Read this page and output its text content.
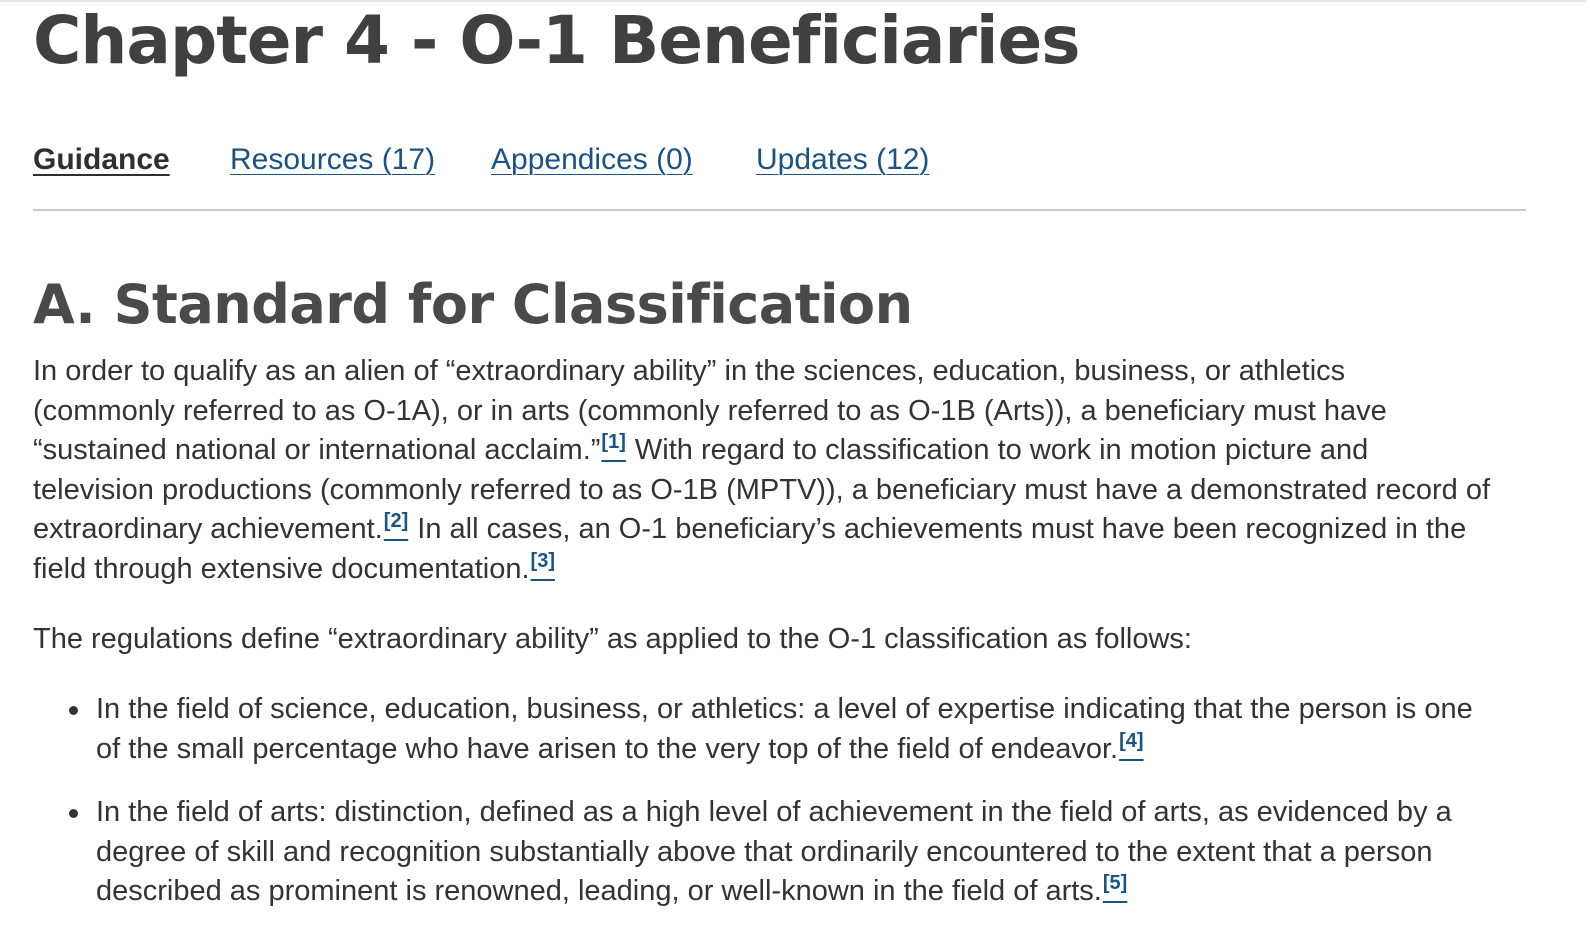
Chapter 4 - O-1 Beneficiaries
Guidance Resources (17) Appendices (0) Updates (12)
A. Standard for Classification

In order to qualify as an alien of “extraordinary ability” in the sciences, education, business, or athletics
(commonly referred to as O-1A), or in arts (commonly referred to as O-1B (Arts)), a beneficiary must have
“sustained national or international acclaim.”[1] With regard to classification to work in motion picture and
television productions (commonly referred to as O-1B (MPTV)), a beneficiary must have a demonstrated record of
extraordinary achievement.[2] In all cases, an O-1 beneficiary’s achievements must have been recognized in the
field through extensive documentation.[3]

The regulations define “extraordinary ability” as applied to the O-1 classification as follows:

In the field of science, education, business, or athletics: a level of expertise indicating that the person is one
of the small percentage who have arisen to the very top of the field of endeavor.[4]
In the field of arts: distinction, defined as a high level of achievement in the field of arts, as evidenced by a
degree of skill and recognition substantially above that ordinarily encountered to the extent that a person
described as prominent is renowned, leading, or well-known in the field of arts.[5]
